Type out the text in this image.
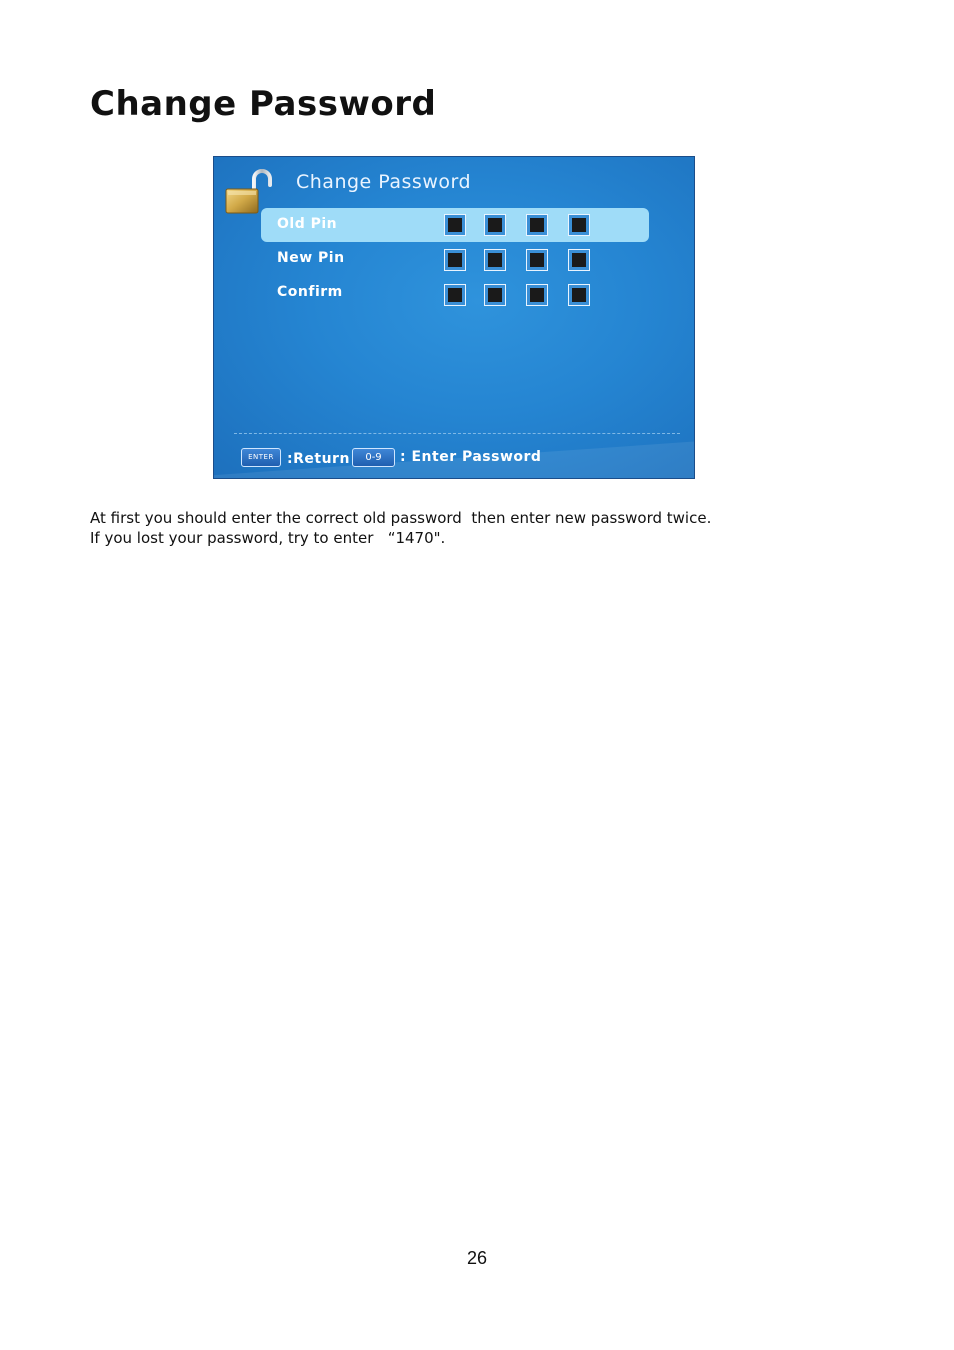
Change Password
Change Password
Old Pin
New Pin
Confirm
ENTER :Return	0-9	: Enter Password

At first you should enter the correct old password  then enter new password twice.

If you lost your password, try to enter   “1470".

26
